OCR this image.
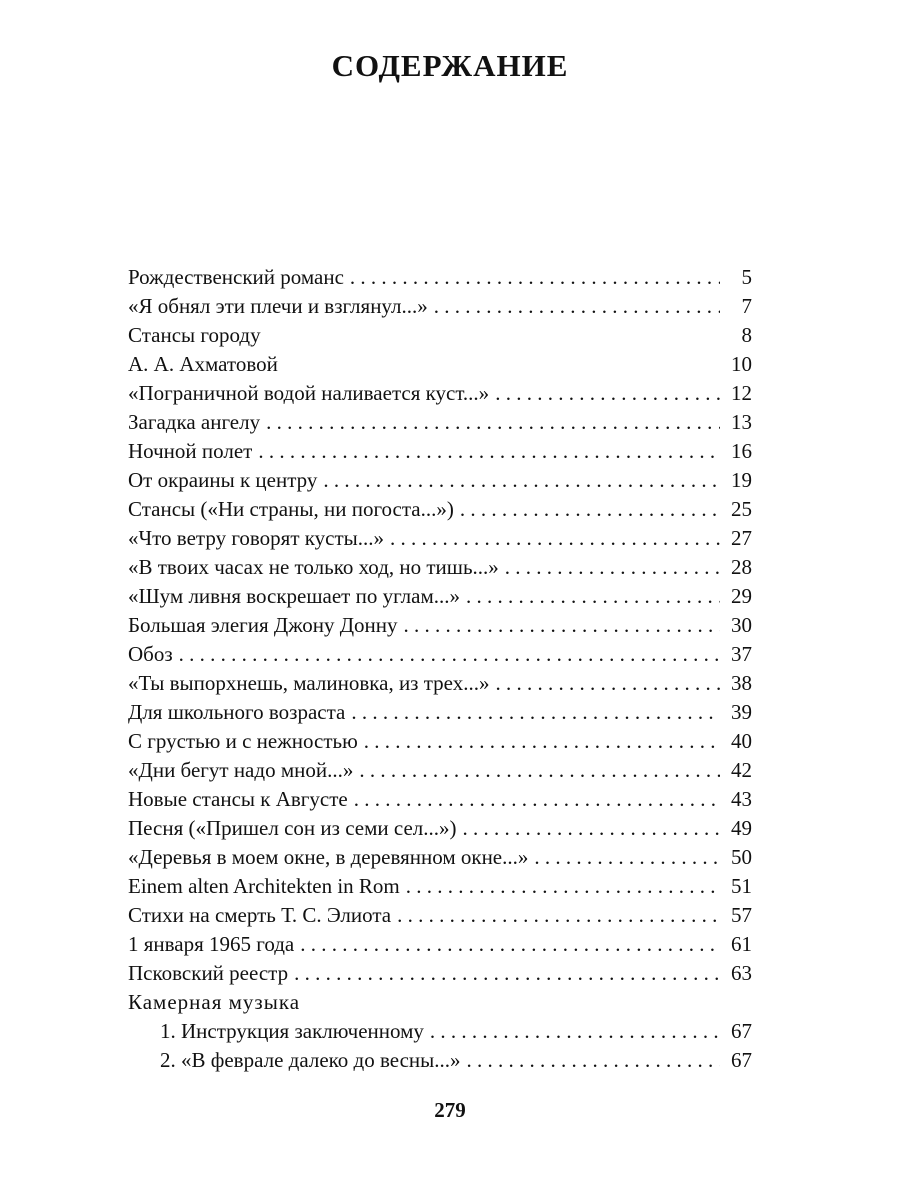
СОДЕРЖАНИЕ
Рождественский романс . . .	5
«Я обнял эти плечи и взглянул...» . . .	7
Стансы городу	8
А. А. Ахматовой	10
«Пограничной водой наливается куст...» . . .	12
Загадка ангелу . . .	13
Ночной полет . . .	16
От окраины к центру . . .	19
Стансы («Ни страны, ни погоста...») . . .	25
«Что ветру говорят кусты...» . . .	27
«В твоих часах не только ход, но тишь...» . . .	28
«Шум ливня воскрешает по углам...» . . .	29
Большая элегия Джону Донну . . .	30
Обоз . . .	37
«Ты выпорхнешь, малиновка, из трех...» . . .	38
Для школьного возраста . . .	39
С грустью и с нежностью . . .	40
«Дни бегут надо мной...» . . .	42
Новые стансы к Августе . . .	43
Песня («Пришел сон из семи сел...») . . .	49
«Деревья в моем окне, в деревянном окне...» . . .	50
Einem alten Architekten in Rom . . .	51
Стихи на смерть Т. С. Элиота . . .	57
1 января 1965 года . . .	61
Псковский реестр . . .	63
Камерная музыка
1. Инструкция заключенному . . .	67
2. «В феврале далеко до весны...» . . .	67
279
